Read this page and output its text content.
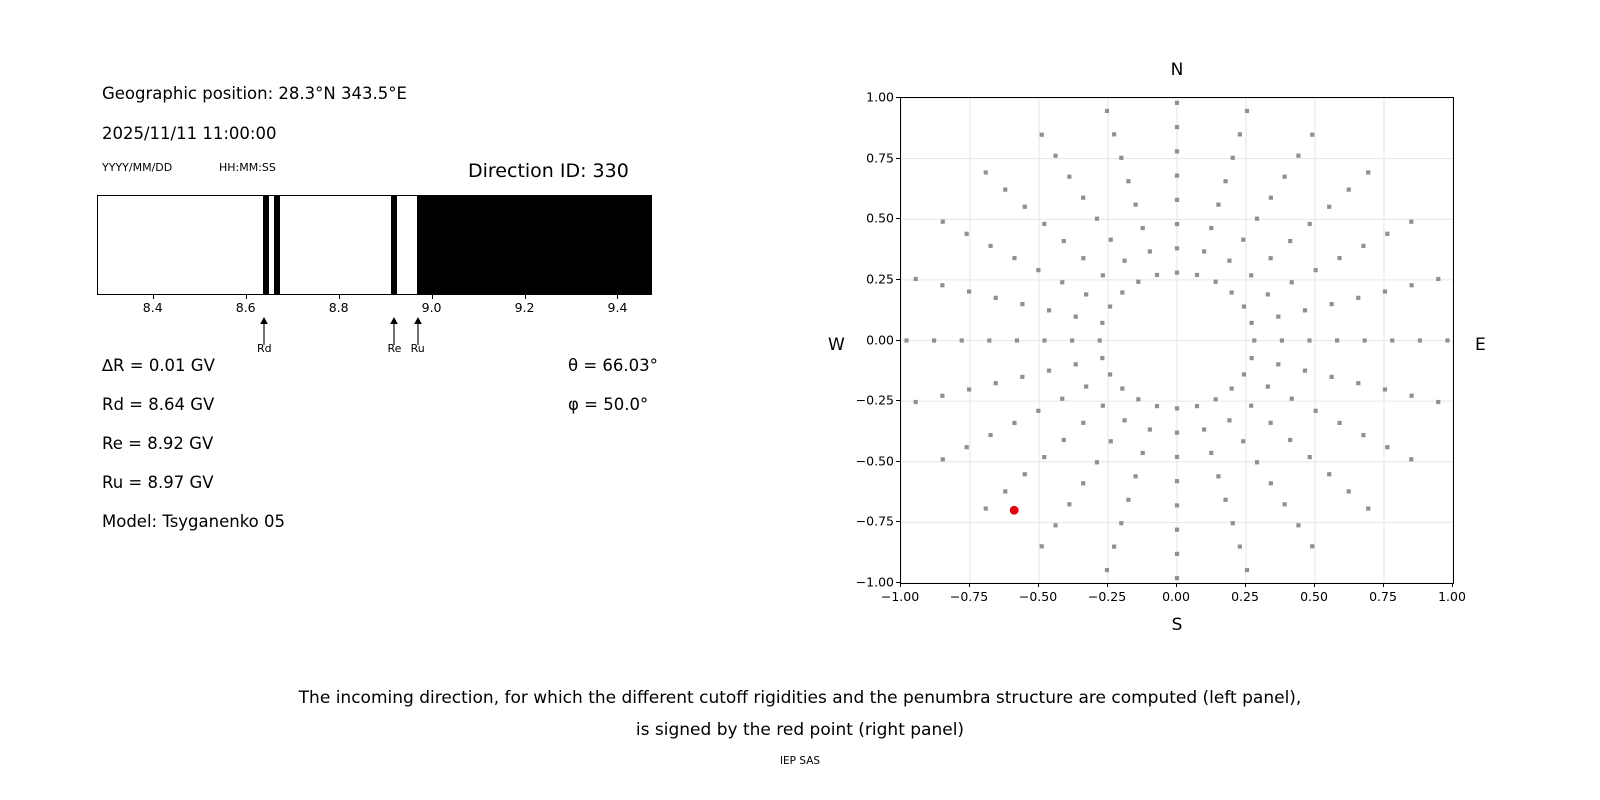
Geographic position: 28.3°N 343.5°E
2025/11/11 11:00:00
YYYY/MM/DD	HH:MM:SS	Direction ID: 330
8.4	8.6	8.8	9.0	9.2	9.4
Rd	Re Ru
∆R = 0.01 GV
Rd = 8.64 GV
Re = 8.92 GV
Ru = 8.97 GV
Model: Tsyganenko 05
θ = 66.03°
φ = 50.0°
N
S
W	E
−1.00 −0.75 −0.50 −0.25	0.00	0.25	0.50	0.75	1.00
−1.00
−0.75
−0.50
−0.25
0.00
0.25
0.50
0.75
1.00
The incoming direction, for which the different cutoff rigidities and the penumbra structure are computed (left panel),
is signed by the red point (right panel)
IEP SAS
